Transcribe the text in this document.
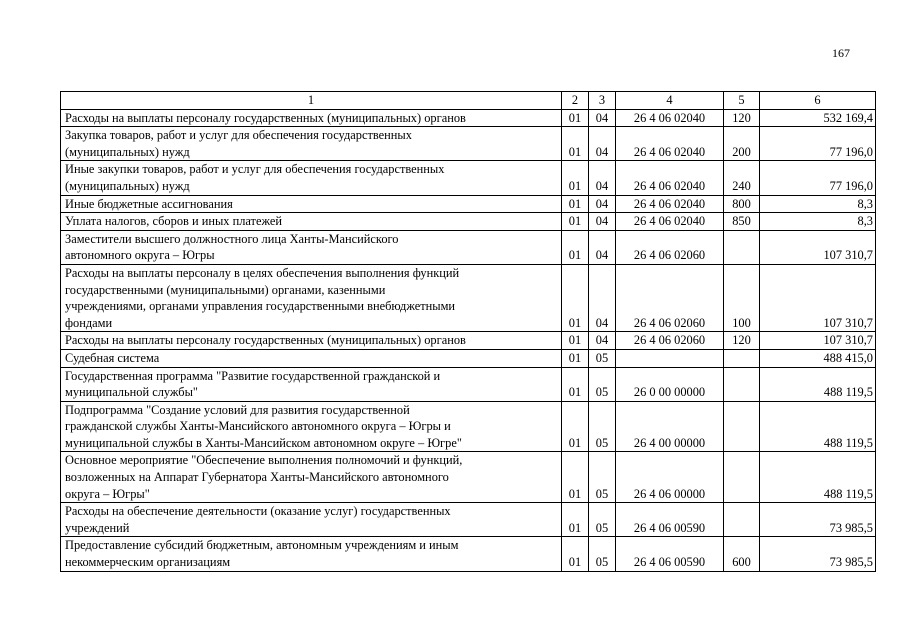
167
1	2	3	4	5	6

Расходы на выплаты персоналу государственных (муниципальных) органов	01	04	26 4 06 02040	120	532 169,4

Закупка товаров, работ и услуг для обеспечения государственных
(муниципальных) нужд	01	04	26 4 06 02040	200	77 196,0

Иные закупки товаров, работ и услуг для обеспечения государственных
(муниципальных) нужд	01	04	26 4 06 02040	240	77 196,0

Иные бюджетные ассигнования	01	04	26 4 06 02040	800	8,3

Уплата налогов, сборов и иных платежей	01	04	26 4 06 02040	850	8,3

Заместители высшего должностного лица Ханты-Мансийского
автономного округа – Югры	01	04	26 4 06 02060		107 310,7

Расходы на выплаты персоналу в целях обеспечения выполнения функций
государственными (муниципальными) органами, казенными
учреждениями, органами управления государственными внебюджетными
фондами	01	04	26 4 06 02060	100	107 310,7

Расходы на выплаты персоналу государственных (муниципальных) органов	01	04	26 4 06 02060	120	107 310,7

Судебная система	01	05			488 415,0

Государственная программа "Развитие государственной гражданской и
муниципальной службы"	01	05	26 0 00 00000		488 119,5

Подпрограмма "Создание условий для развития государственной
гражданской службы Ханты-Мансийского автономного округа – Югры и
муниципальной службы в Ханты-Мансийском автономном округе – Югре"	01	05	26 4 00 00000		488 119,5

Основное мероприятие "Обеспечение выполнения полномочий и функций,
возложенных на Аппарат Губернатора Ханты-Мансийского автономного
округа – Югры"	01	05	26 4 06 00000		488 119,5

Расходы на обеспечение деятельности (оказание услуг) государственных
учреждений	01	05	26 4 06 00590		73 985,5

Предоставление субсидий бюджетным, автономным учреждениям и иным
некоммерческим организациям	01	05	26 4 06 00590	600	73 985,5
